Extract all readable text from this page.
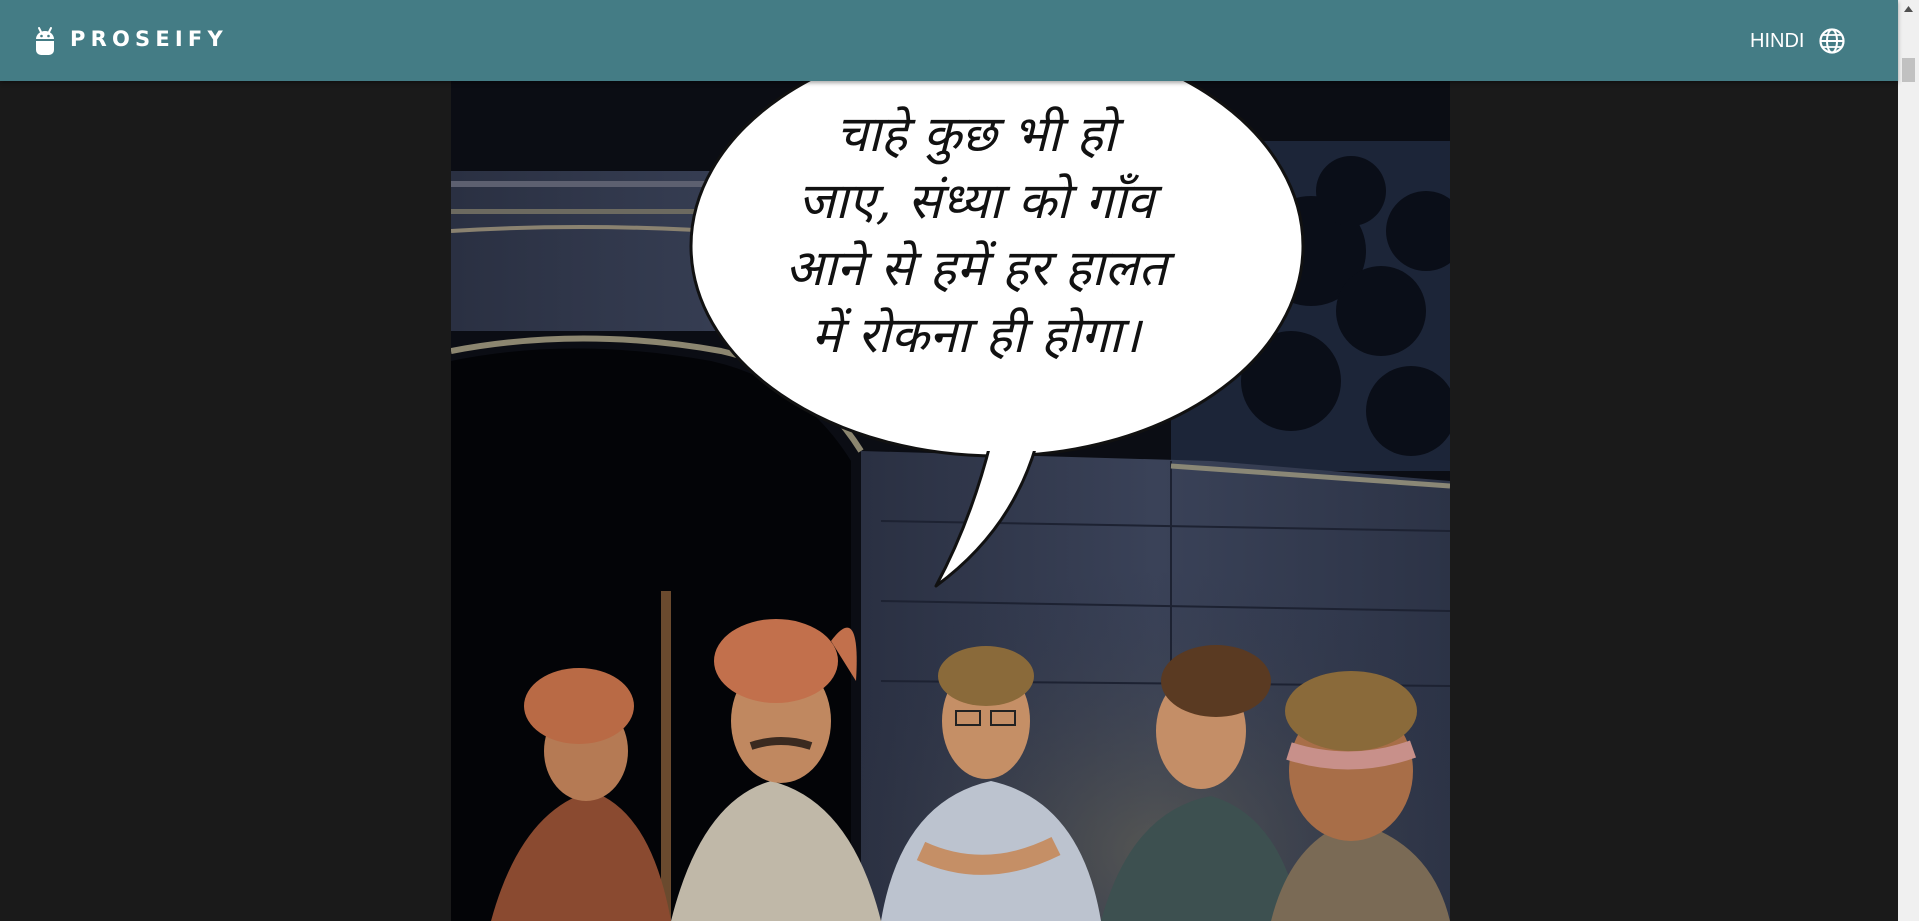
PROSEIFY	HINDI
चाहे कुछ भी हो
जाए, संध्या को गाँव
आने से हमें हर हालत
में रोकना ही होगा।
